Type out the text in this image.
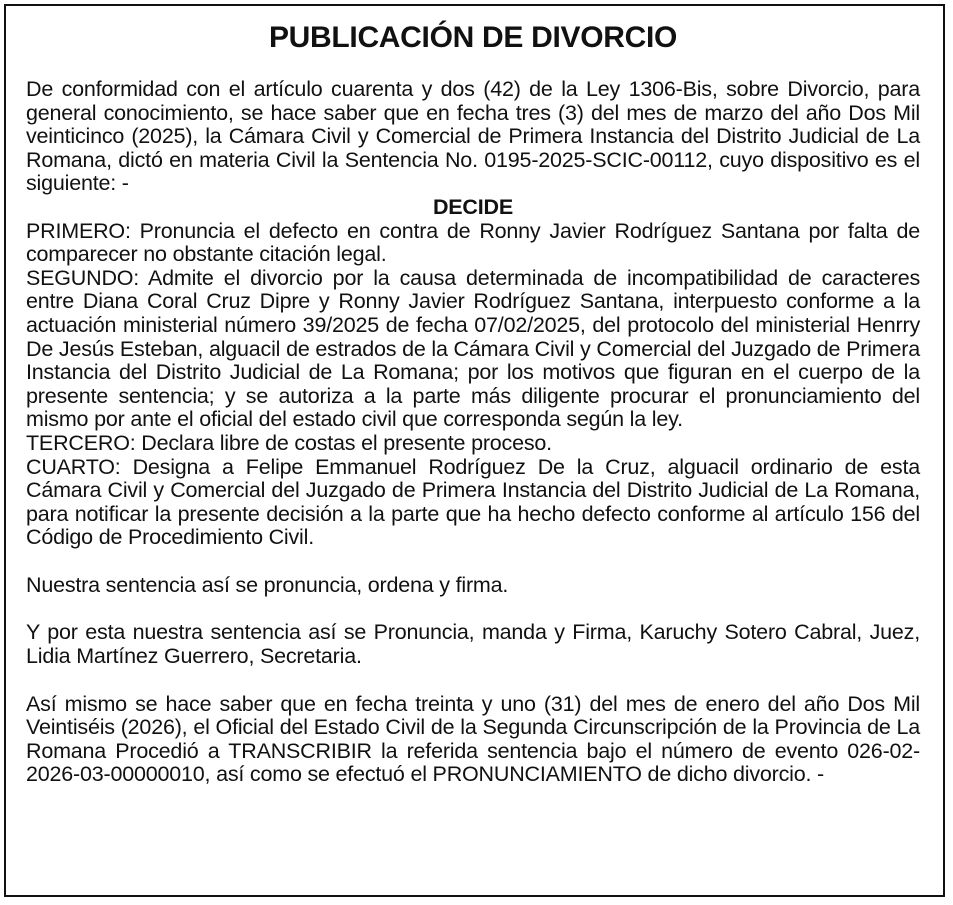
PUBLICACIÓN DE DIVORCIO

De conformidad con el artículo cuarenta y dos (42) de la Ley 1306-Bis, sobre Divorcio, para general conocimiento, se hace saber que en fecha tres (3) del mes de marzo del año Dos Mil veinticinco (2025), la Cámara Civil y Comercial de Primera Instancia del Distrito Judicial de La Romana, dictó en materia Civil la Sentencia No. 0195-2025-SCIC-00112, cuyo dispositivo es el siguiente: -

DECIDE

PRIMERO: Pronuncia el defecto en contra de Ronny Javier Rodríguez Santana por falta de comparecer no obstante citación legal.

SEGUNDO: Admite el divorcio por la causa determinada de incompatibilidad de caracteres entre Diana Coral Cruz Dipre y Ronny Javier Rodríguez Santana, interpuesto conforme a la actuación ministerial número 39/2025 de fecha 07/02/2025, del protocolo del ministerial Henrry De Jesús Esteban, alguacil de estrados de la Cámara Civil y Comercial del Juzgado de Primera Instancia del Distrito Judicial de La Romana; por los motivos que figuran en el cuerpo de la presente sentencia; y se autoriza a la parte más diligente procurar el pronunciamiento del mismo por ante el oficial del estado civil que corresponda según la ley.

TERCERO: Declara libre de costas el presente proceso.

CUARTO: Designa a Felipe Emmanuel Rodríguez De la Cruz, alguacil ordinario de esta Cámara Civil y Comercial del Juzgado de Primera Instancia del Distrito Judicial de La Romana, para notificar la presente decisión a la parte que ha hecho defecto conforme al artículo 156 del Código de Procedimiento Civil.

Nuestra sentencia así se pronuncia, ordena y firma.

Y por esta nuestra sentencia así se Pronuncia, manda y Firma, Karuchy Sotero Cabral, Juez, Lidia Martínez Guerrero, Secretaria.

Así mismo se hace saber que en fecha treinta y uno (31) del mes de enero del año Dos Mil Veintiséis (2026), el Oficial del Estado Civil de la Segunda Circunscripción de la Provincia de La Romana Procedió a TRANSCRIBIR la referida sentencia bajo el número de evento 026-02- 2026-03-00000010, así como se efectuó el PRONUNCIAMIENTO de dicho divorcio. -
